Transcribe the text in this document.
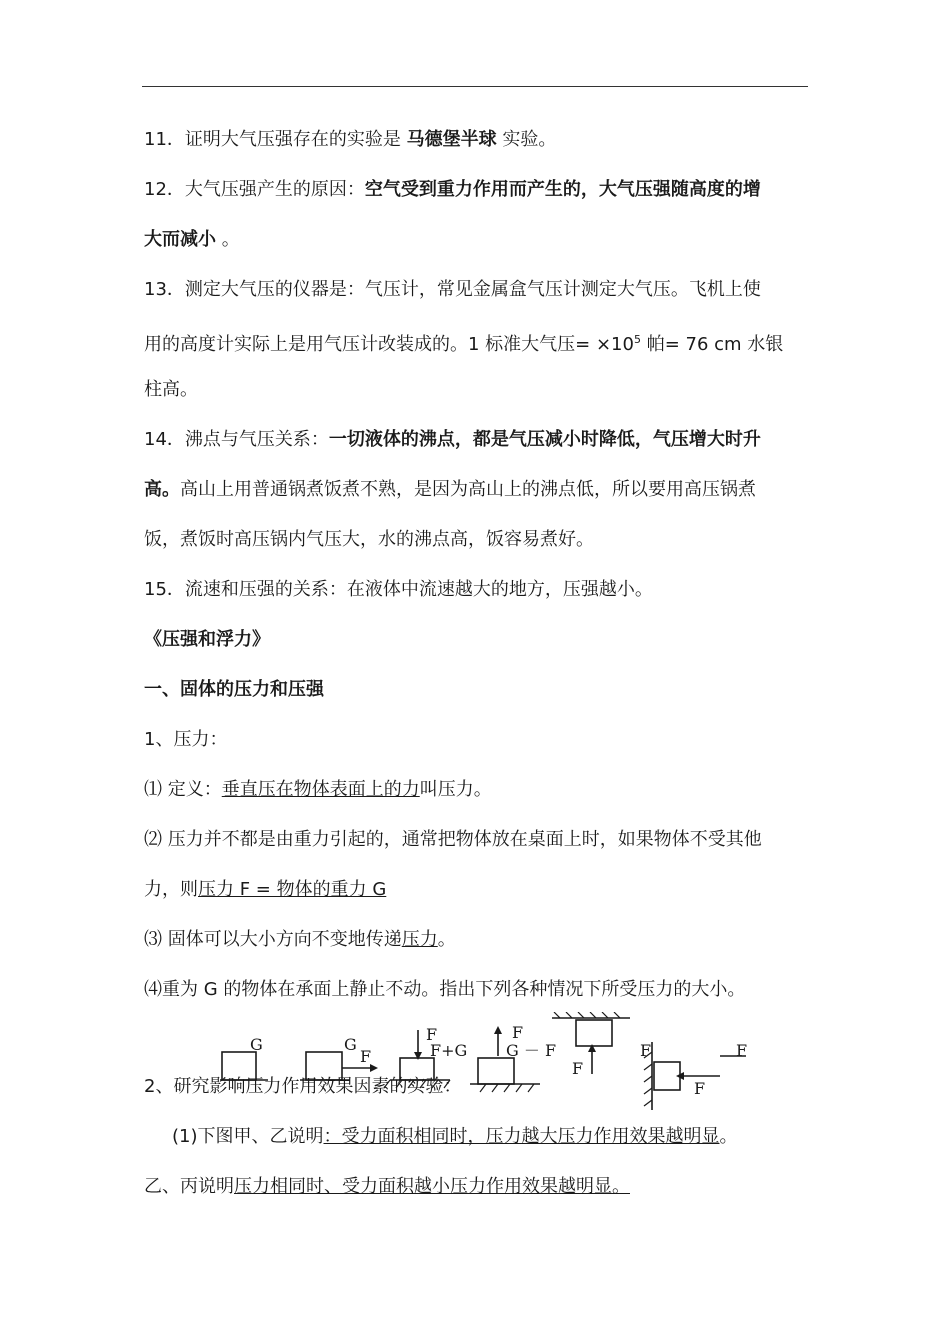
11．证明大气压强存在的实验是 马德堡半球 实验。
12．大气压强产生的原因：空气受到重力作用而产生的，大气压强随高度的增
大而减小 。
13．测定大气压的仪器是：气压计，常见金属盒气压计测定大气压。飞机上使
用的高度计实际上是用气压计改装成的。1 标准大气压= $\times 10^5$ 帕= 76 cm 水银
柱高。
14．沸点与气压关系：一切液体的沸点，都是气压减小时降低，气压增大时升
高。高山上用普通锅煮饭煮不熟，是因为高山上的沸点低，所以要用高压锅煮
饭，煮饭时高压锅内气压大，水的沸点高，饭容易煮好。
15．流速和压强的关系：在液体中流速越大的地方，压强越小。
《压强和浮力》
一、固体的压力和压强
1、压力：
⑴ 定义：垂直压在物体表面上的力叫压力。
⑵ 压力并不都是由重力引起的，通常把物体放在桌面上时，如果物体不受其他
力，则压力 F = 物体的重力 G
⑶ 固体可以大小方向不变地传递压力。
⑷重为 G 的物体在承面上静止不动。指出下列各种情况下所受压力的大小。
G	G
F
F
F+G
F
G － F
F
F	F
F
2、研究影响压力作用效果因素的实验：
(1)下图甲、乙说明：受力面积相同时，压力越大压力作用效果越明显。
乙、丙说明压力相同时、受力面积越小压力作用效果越明显。
